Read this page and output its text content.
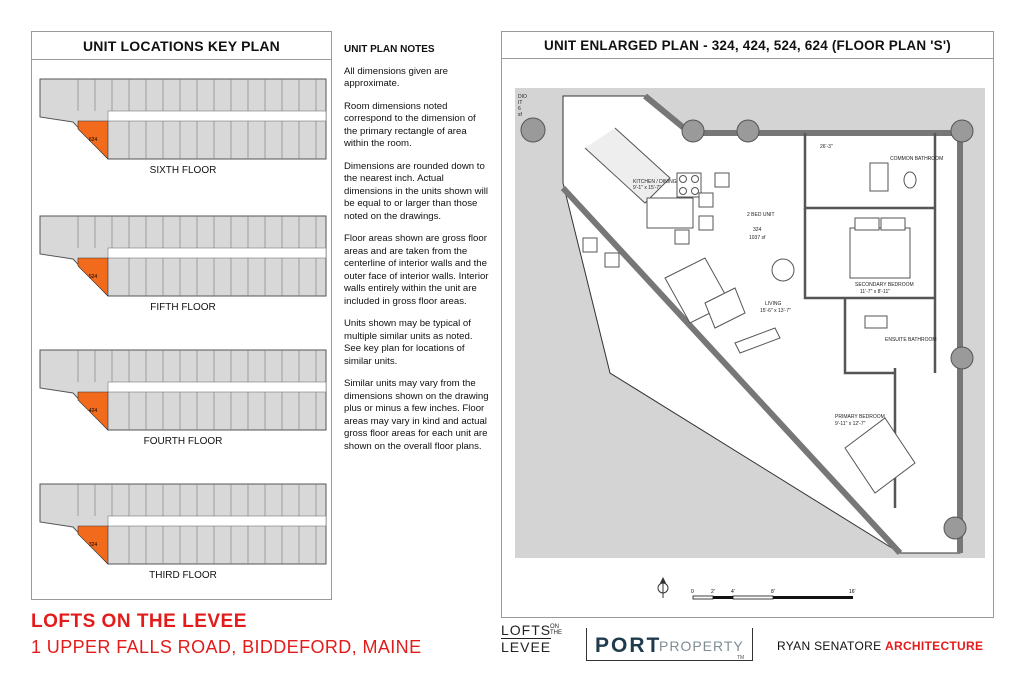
UNIT LOCATIONS KEY PLAN
624
SIXTH FLOOR
524
FIFTH FLOOR
424
FOURTH FLOOR
324
THIRD FLOOR
UNIT PLAN NOTES

All dimensions given are approximate.

Room dimensions noted correspond to the dimension of the primary rectangle of area within the room.

Dimensions are rounded down to the nearest inch. Actual dimensions in the units shown will be equal to or larger than those noted on the drawings.

Floor areas shown are gross floor areas and are taken from the centerline of interior walls and the outer face of interior walls. Interior walls entirely within the unit are included in gross floor areas.

Units shown may be typical of multiple similar units as noted. See key plan for locations of similar units.

Similar units may vary from the dimensions shown on the drawing plus or minus a few inches. Floor areas may vary in kind and actual gross floor areas for each unit are shown on the overall floor plans.

UNIT ENLARGED PLAN - 324, 424, 524, 624 (FLOOR PLAN 'S')
KITCHEN / DINING
9'-1" x 15'-7"
2 BED UNIT
324
1037 sf
LIVING
15'-6" x 13'-7"
COMMON BATHROOM
SECONDARY BEDROOM
11'-7" x 8'-11"
ENSUITE BATHROOM
PRIMARY BEDROOM
9'-11" x 12'-7"
26'-3"
DIO
IT
6
sf
0	2'	4'	8'	16'
LOFTS ON THE LEVEE
1 UPPER FALLS ROAD, BIDDEFORD, MAINE
LOFTS
ON THE
LEVEE	PORT
PROPERTY
TM
RYAN SENATORE ARCHITECTURE
